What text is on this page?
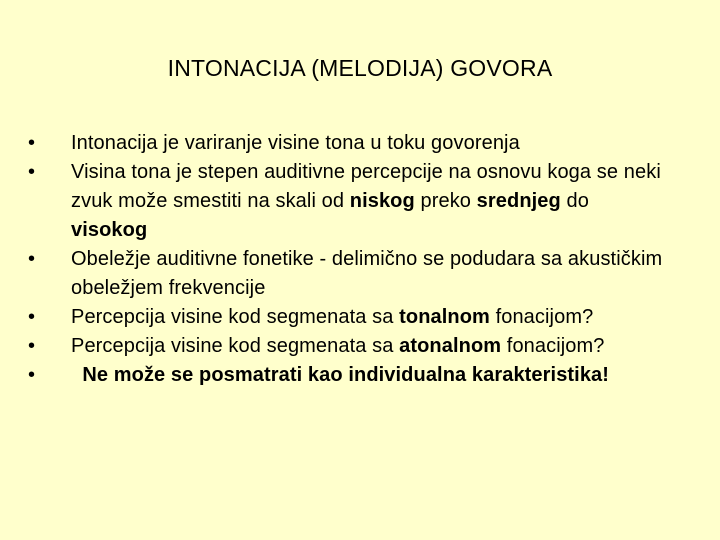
INTONACIJA (MELODIJA) GOVORA
•	Intonacija je variranje visine tona u toku govorenja
•	Visina tona je stepen auditivne percepcije na osnovu koga se neki zvuk može smestiti na skali od niskog preko srednjeg do visokog
•	Obeležje auditivne fonetike - delimično se podudara sa akustičkim obeležjem frekvencije
•	Percepcija visine kod segmenata sa tonalnom fonacijom?
•	Percepcija visine kod segmenata sa atonalnom fonacijom?
•	Ne može se posmatrati kao individualna karakteristika!
